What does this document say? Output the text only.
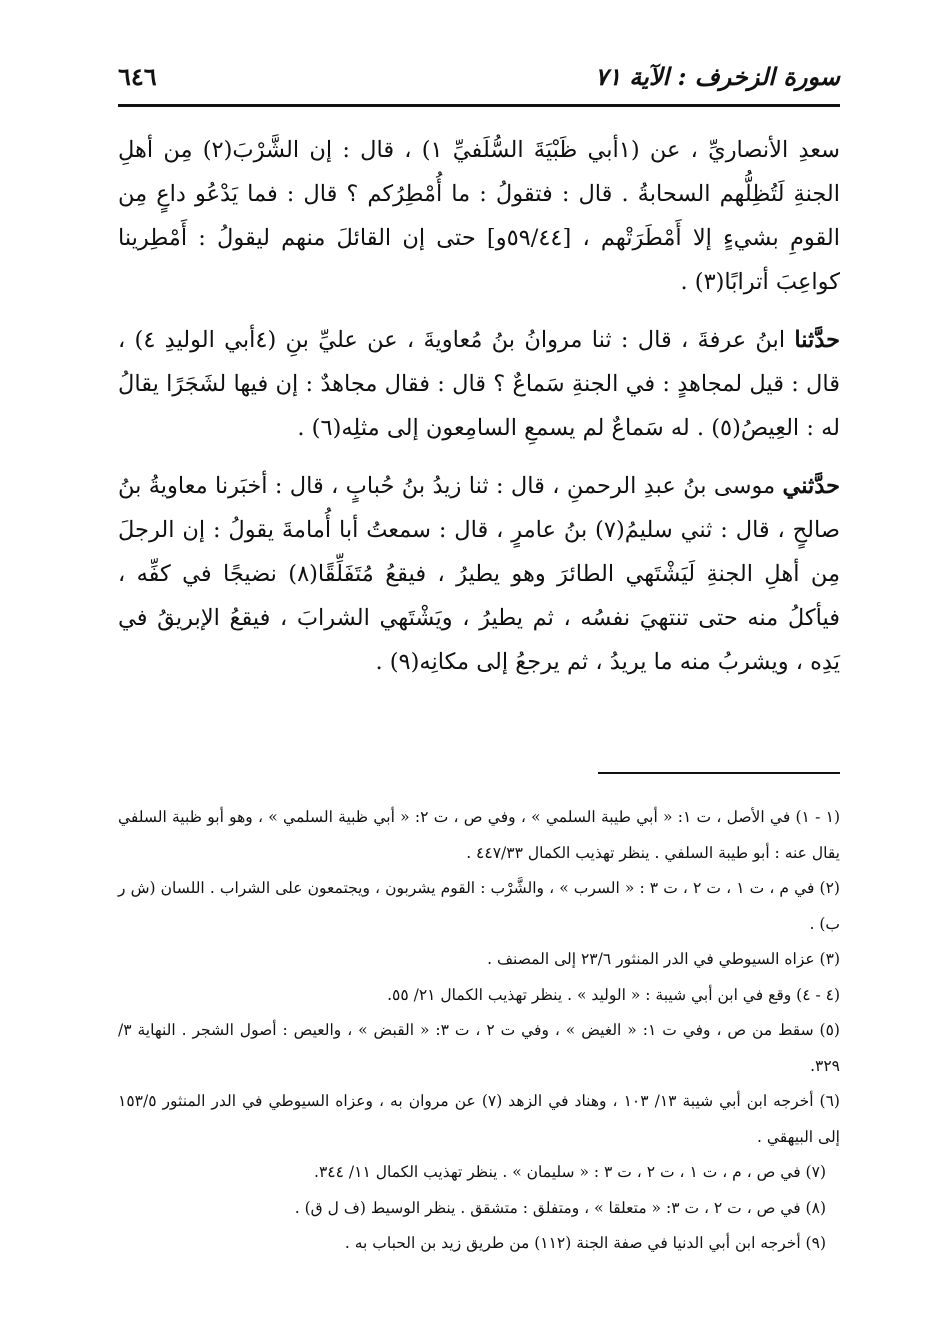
سورة الزخرف : الآية ٧١
٦٤٦

سعدِ الأنصاريِّ ، عن (١أبي ظَبْيَةَ السُّلَفيِّ ١) ، قال : إن الشَّرْبَ(٢) مِن أهلِ الجنةِ لَتُظِلُّهم السحابةُ . قال : فتقولُ : ما أُمْطِرُكم ؟ قال : فما يَدْعُو داعٍ مِن القومِ بشيءٍ إلا أَمْطَرَتْهم ، [٥٩/٤٤و] حتى إن القائلَ منهم ليقولُ : أَمْطِرينا كواعِبَ أترابًا(٣) .

حدَّثنا ابنُ عرفةَ ، قال : ثنا مروانُ بنُ مُعاويةَ ، عن عليِّ بنِ (٤أبي الوليدِ ٤) ، قال : قيل لمجاهدٍ : في الجنةِ سَماعٌ ؟ قال : فقال مجاهدٌ : إن فيها لشَجَرًا يقالُ له : العِيصُ(٥) . له سَماعٌ لم يسمعِ السامِعون إلى مثلِه(٦) .

حدَّثني موسى بنُ عبدِ الرحمنِ ، قال : ثنا زيدُ بنُ حُبابٍ ، قال : أخبَرنا معاويةُ بنُ صالحٍ ، قال : ثني سليمُ(٧) بنُ عامرٍ ، قال : سمعتُ أبا أُمامةَ يقولُ : إن الرجلَ مِن أهلِ الجنةِ لَيَشْتَهي الطائرَ وهو يطيرُ ، فيقعُ مُتَفَلِّقًا(٨) نضيجًا في كفِّه ، فيأكلُ منه حتى تنتهيَ نفسُه ، ثم يطيرُ ، ويَشْتَهي الشرابَ ، فيقعُ الإبريقُ في يَدِه ، ويشربُ منه ما يريدُ ، ثم يرجعُ إلى مكانِه(٩) .

(١ - ١) في الأصل ، ت ١: « أبي طيبة السلمي » ، وفي ص ، ت ٢: « أبي ظبية السلمي » ، وهو أبو ظبية السلفي يقال عنه : أبو طيبة السلفي . ينظر تهذيب الكمال ٤٤٧/٣٣ .

(٢) في م ، ت ١ ، ت ٢ ، ت ٣ : « السرب » ، والشَّرْب : القوم يشربون ، ويجتمعون على الشراب . اللسان (ش ر ب) .

(٣) عزاه السيوطي في الدر المنثور ٢٣/٦ إلى المصنف .

(٤ - ٤) وقع في ابن أبي شيبة : « الوليد » . ينظر تهذيب الكمال ٢١/ ٥٥.

(٥) سقط من ص ، وفي ت ١: « الغيض » ، وفي ت ٢ ، ت ٣: « القبض » ، والعيص : أصول الشجر . النهاية ٣/ ٣٢٩.

(٦) أخرجه ابن أبي شيبة ١٣/ ١٠٣ ، وهناد في الزهد (٧) عن مروان به ، وعزاه السيوطي في الدر المنثور ١٥٣/٥ إلى البيهقي .

(٧) في ص ، م ، ت ١ ، ت ٢ ، ت ٣ : « سليمان » . ينظر تهذيب الكمال ١١/ ٣٤٤.

(٨) في ص ، ت ٢ ، ت ٣: « متعلقا » ، ومتفلق : متشقق . ينظر الوسيط (ف ل ق) .

(٩) أخرجه ابن أبي الدنيا في صفة الجنة (١١٢) من طريق زيد بن الحباب به .
